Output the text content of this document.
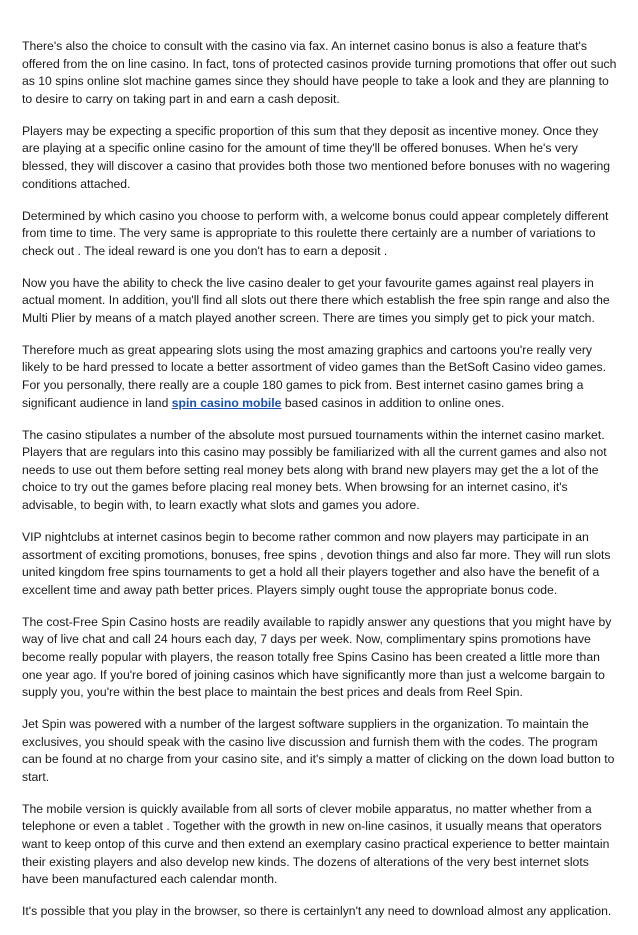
There's also the choice to consult with the casino via fax. An internet casino bonus is also a feature that's offered from the on line casino. In fact, tons of protected casinos provide turning promotions that offer out such as 10 spins online slot machine games since they should have people to take a look and they are planning to to desire to carry on taking part in and earn a cash deposit.

Players may be expecting a specific proportion of this sum that they deposit as incentive money. Once they are playing at a specific online casino for the amount of time they'll be offered bonuses. When he's very blessed, they will discover a casino that provides both those two mentioned before bonuses with no wagering conditions attached.

Determined by which casino you choose to perform with, a welcome bonus could appear completely different from time to time. The very same is appropriate to this roulette there certainly are a number of variations to check out . The ideal reward is one you don't has to earn a deposit .

Now you have the ability to check the live casino dealer to get your favourite games against real players in actual moment. In addition, you'll find all slots out there there which establish the free spin range and also the Multi Plier by means of a match played another screen. There are times you simply get to pick your match.

Therefore much as great appearing slots using the most amazing graphics and cartoons you're really very likely to be hard pressed to locate a better assortment of video games than the BetSoft Casino video games. For you personally, there really are a couple 180 games to pick from. Best internet casino games bring a significant audience in land spin casino mobile based casinos in addition to online ones.

The casino stipulates a number of the absolute most pursued tournaments within the internet casino market. Players that are regulars into this casino may possibly be familiarized with all the current games and also not needs to use out them before setting real money bets along with brand new players may get the a lot of the choice to try out the games before placing real money bets. When browsing for an internet casino, it's advisable, to begin with, to learn exactly what slots and games you adore.

VIP nightclubs at internet casinos begin to become rather common and now players may participate in an assortment of exciting promotions, bonuses, free spins , devotion things and also far more. They will run slots united kingdom free spins tournaments to get a hold all their players together and also have the benefit of a excellent time and away path better prices. Players simply ought touse the appropriate bonus code.

The cost-Free Spin Casino hosts are readily available to rapidly answer any questions that you might have by way of live chat and call 24 hours each day, 7 days per week. Now, complimentary spins promotions have become really popular with players, the reason totally free Spins Casino has been created a little more than one year ago. If you're bored of joining casinos which have significantly more than just a welcome bargain to supply you, you're within the best place to maintain the best prices and deals from Reel Spin.

Jet Spin was powered with a number of the largest software suppliers in the organization. To maintain the exclusives, you should speak with the casino live discussion and furnish them with the codes. The program can be found at no charge from your casino site, and it's simply a matter of clicking on the down load button to start.

The mobile version is quickly available from all sorts of clever mobile apparatus, no matter whether from a telephone or even a tablet . Together with the growth in new on-line casinos, it usually means that operators want to keep ontop of this curve and then extend an exemplary casino practical experience to better maintain their existing players and also develop new kinds. The dozens of alterations of the very best internet slots have been manufactured each calendar month.

It's possible that you play in the browser, so there is certainlyn't any need to download almost any application.
